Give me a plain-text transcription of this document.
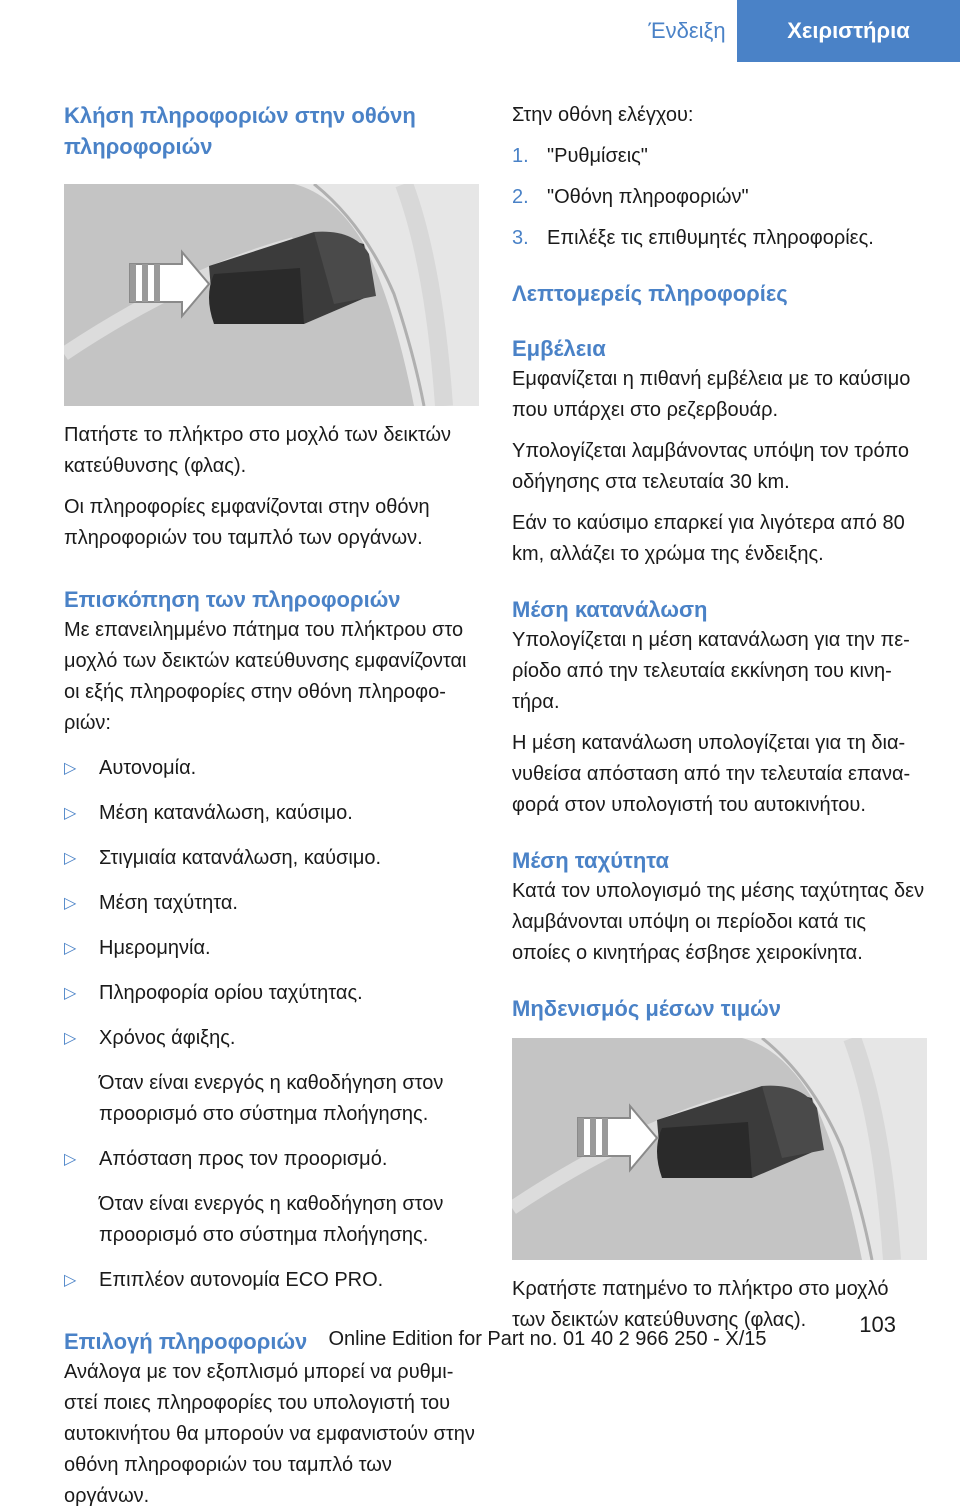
Ένδειξη	Χειριστήρια
Κλήση πληροφοριών στην οθόνη πληροφοριών

Πατήστε το πλήκτρο στο μοχλό των δεικτών κατεύθυνσης (φλας).

Οι πληροφορίες εμφανίζονται στην οθόνη πληροφοριών του ταμπλό των οργάνων.

Επισκόπηση των πληροφοριών

Με επανειλημμένο πάτημα του πλήκτρου στο μοχλό των δεικτών κατεύθυνσης εμφανίζονται οι εξής πληροφορίες στην οθόνη πληροφοριών:

▷ Αυτονομία.
▷ Μέση κατανάλωση, καύσιμο.
▷ Στιγμιαία κατανάλωση, καύσιμο.
▷ Μέση ταχύτητα.
▷ Ημερομηνία.
▷ Πληροφορία ορίου ταχύτητας.
▷ Χρόνος άφιξης.
Όταν είναι ενεργός η καθοδήγηση στον προορισμό στο σύστημα πλοήγησης.
▷ Απόσταση προς τον προορισμό.
Όταν είναι ενεργός η καθοδήγηση στον προορισμό στο σύστημα πλοήγησης.
▷ Επιπλέον αυτονομία ECO PRO.
Επιλογή πληροφοριών

Ανάλογα με τον εξοπλισμό μπορεί να ρυθμιστεί ποιες πληροφορίες του υπολογιστή του αυτοκινήτου θα μπορούν να εμφανιστούν στην οθόνη πληροφοριών του ταμπλό των οργάνων.

Στην οθόνη ελέγχου:

1. "Ρυθμίσεις"
2. "Οθόνη πληροφοριών"
3. Επιλέξε τις επιθυμητές πληροφορίες.
Λεπτομερείς πληροφορίες
Εμβέλεια

Εμφανίζεται η πιθανή εμβέλεια με το καύσιμο που υπάρχει στο ρεζερβουάρ.

Υπολογίζεται λαμβάνοντας υπόψη τον τρόπο οδήγησης στα τελευταία 30 km.

Εάν το καύσιμο επαρκεί για λιγότερα από 80 km, αλλάζει το χρώμα της ένδειξης.

Μέση κατανάλωση

Υπολογίζεται η μέση κατανάλωση για την περίοδο από την τελευταία εκκίνηση του κινητήρα.

Η μέση κατανάλωση υπολογίζεται για τη διανυθείσα απόσταση από την τελευταία επαναφορά στον υπολογιστή του αυτοκινήτου.

Μέση ταχύτητα

Κατά τον υπολογισμό της μέσης ταχύτητας δεν λαμβάνονται υπόψη οι περίοδοι κατά τις οποίες ο κινητήρας έσβησε χειροκίνητα.

Μηδενισμός μέσων τιμών

Κρατήστε πατημένο το πλήκτρο στο μοχλό των δεικτών κατεύθυνσης (φλας).	103
Online Edition for Part no. 01 40 2 966 250 - X/15
